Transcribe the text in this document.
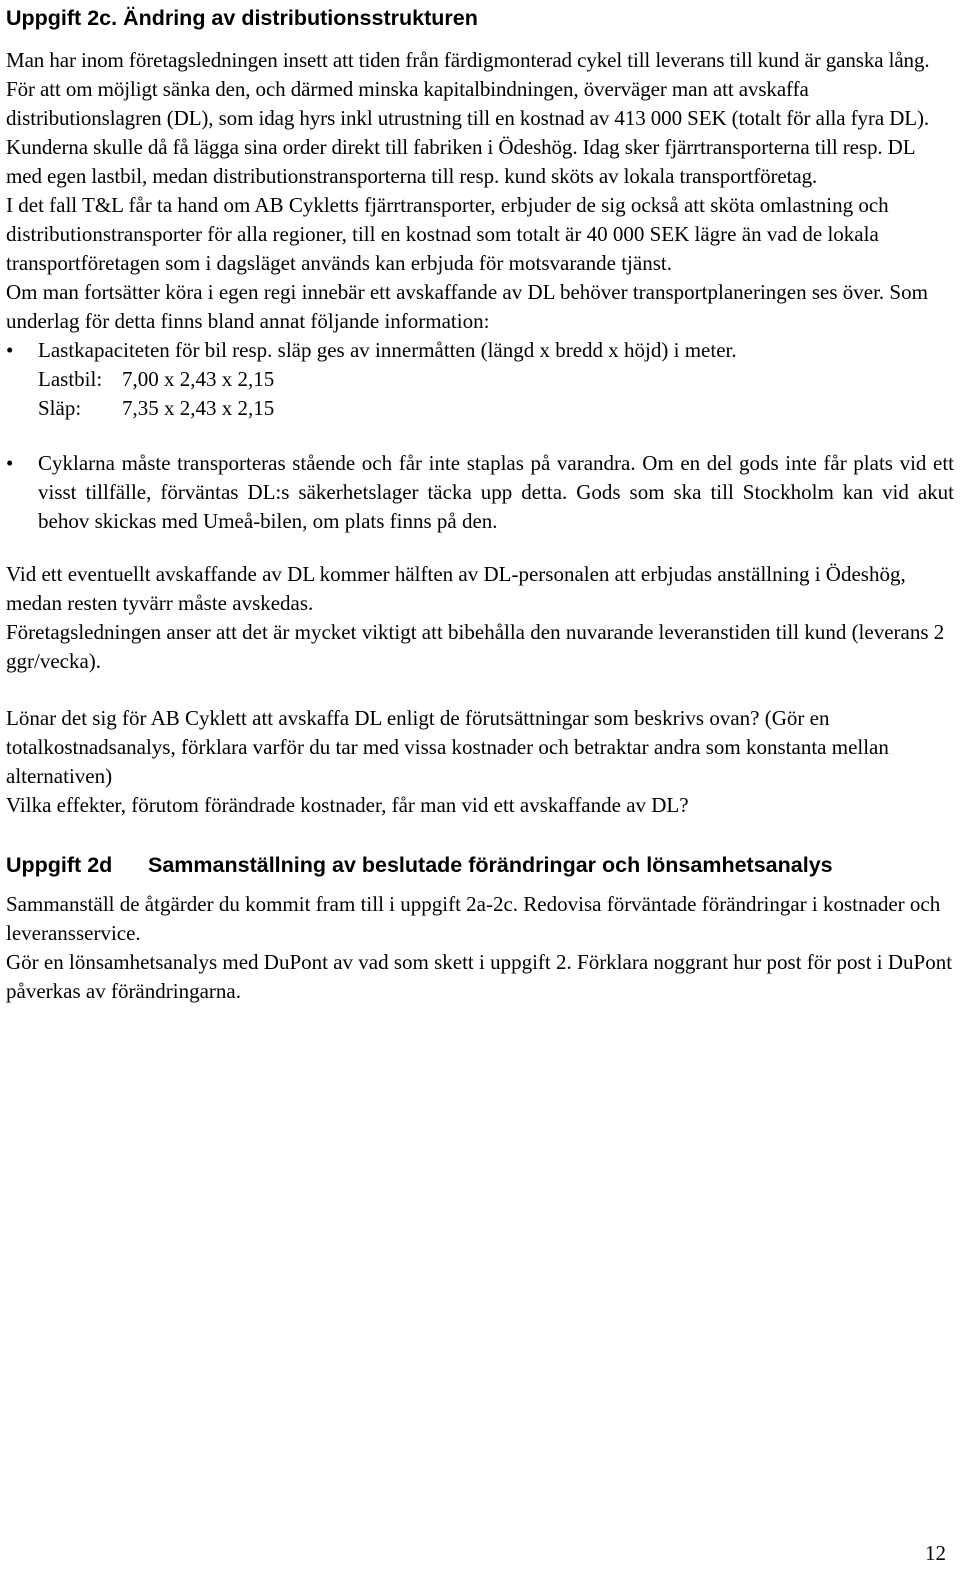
Uppgift 2c. Ändring av distributionsstrukturen

Man har inom företagsledningen insett att tiden från färdigmonterad cykel till leverans till kund är ganska lång. För att om möjligt sänka den, och därmed minska kapitalbindningen, överväger man att avskaffa distributionslagren (DL), som idag hyrs inkl utrustning till en kostnad av 413 000 SEK (totalt för alla fyra DL). Kunderna skulle då få lägga sina order direkt till fabriken i Ödeshög. Idag sker fjärrtransporterna till resp. DL med egen lastbil, medan distributionstransporterna till resp. kund sköts av lokala transportföretag.

I det fall T&L får ta hand om AB Cykletts fjärrtransporter, erbjuder de sig också att sköta omlastning och distributionstransporter för alla regioner, till en kostnad som totalt är 40 000 SEK lägre än vad de lokala transportföretagen som i dagsläget används kan erbjuda för motsvarande tjänst.

Om man fortsätter köra i egen regi innebär ett avskaffande av DL behöver transportplaneringen ses över. Som underlag för detta finns bland annat följande information:

•	Lastkapaciteten för bil resp. släp ges av innermåtten (längd x bredd x höjd) i meter.
Lastbil: 7,00 x 2,43 x 2,15
Släp:	7,35 x 2,43 x 2,15
•	Cyklarna måste transporteras stående och får inte staplas på varandra. Om en del gods inte får plats vid ett visst tillfälle, förväntas DL:s säkerhetslager täcka upp detta. Gods som ska till Stockholm kan vid akut behov skickas med Umeå-bilen, om plats finns på den.

Vid ett eventuellt avskaffande av DL kommer hälften av DL-personalen att erbjudas anställning i Ödeshög, medan resten tyvärr måste avskedas.

Företagsledningen anser att det är mycket viktigt att bibehålla den nuvarande leveranstiden till kund (leverans 2 ggr/vecka).

Lönar det sig för AB Cyklett att avskaffa DL enligt de förutsättningar som beskrivs ovan? (Gör en totalkostnadsanalys, förklara varför du tar med vissa kostnader och betraktar andra som konstanta mellan alternativen)

Vilka effekter, förutom förändrade kostnader, får man vid ett avskaffande av DL?

Uppgift 2d	Sammanställning av beslutade förändringar och lönsamhetsanalys

Sammanställ de åtgärder du kommit fram till i uppgift 2a-2c. Redovisa förväntade förändringar i kostnader och leveransservice.

Gör en lönsamhetsanalys med DuPont av vad som skett i uppgift 2. Förklara noggrant hur post för post i DuPont påverkas av förändringarna.

12
